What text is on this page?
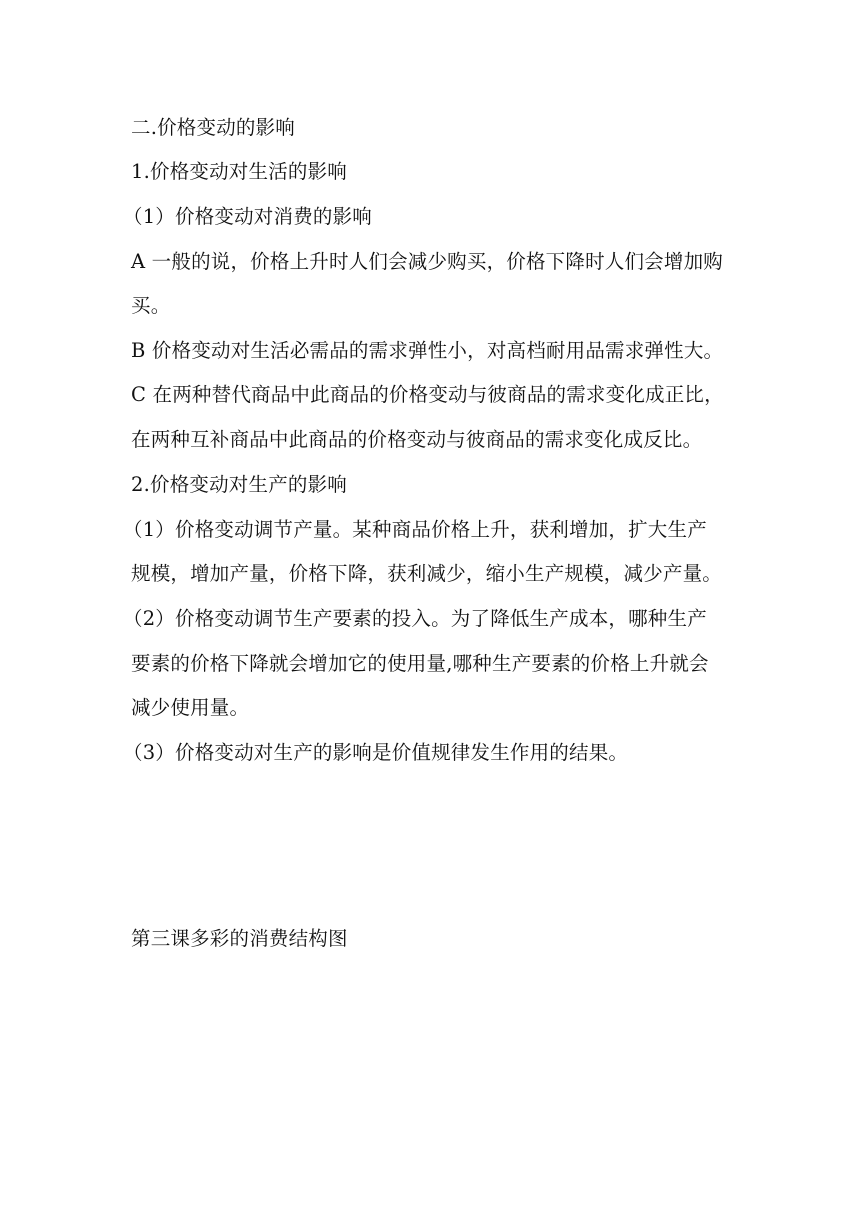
二.价格变动的影响
1.价格变动对生活的影响
（1）价格变动对消费的影响
A 一般的说，价格上升时人们会减少购买，价格下降时人们会增加购
买。
B 价格变动对生活必需品的需求弹性小，对高档耐用品需求弹性大。
C 在两种替代商品中此商品的价格变动与彼商品的需求变化成正比，
在两种互补商品中此商品的价格变动与彼商品的需求变化成反比。
2.价格变动对生产的影响
（1）价格变动调节产量。某种商品价格上升，获利增加，扩大生产
规模，增加产量，价格下降，获利减少，缩小生产规模，减少产量。
（2）价格变动调节生产要素的投入。为了降低生产成本，哪种生产
要素的价格下降就会增加它的使用量,哪种生产要素的价格上升就会
减少使用量。
（3）价格变动对生产的影响是价值规律发生作用的结果。
第三课多彩的消费结构图
